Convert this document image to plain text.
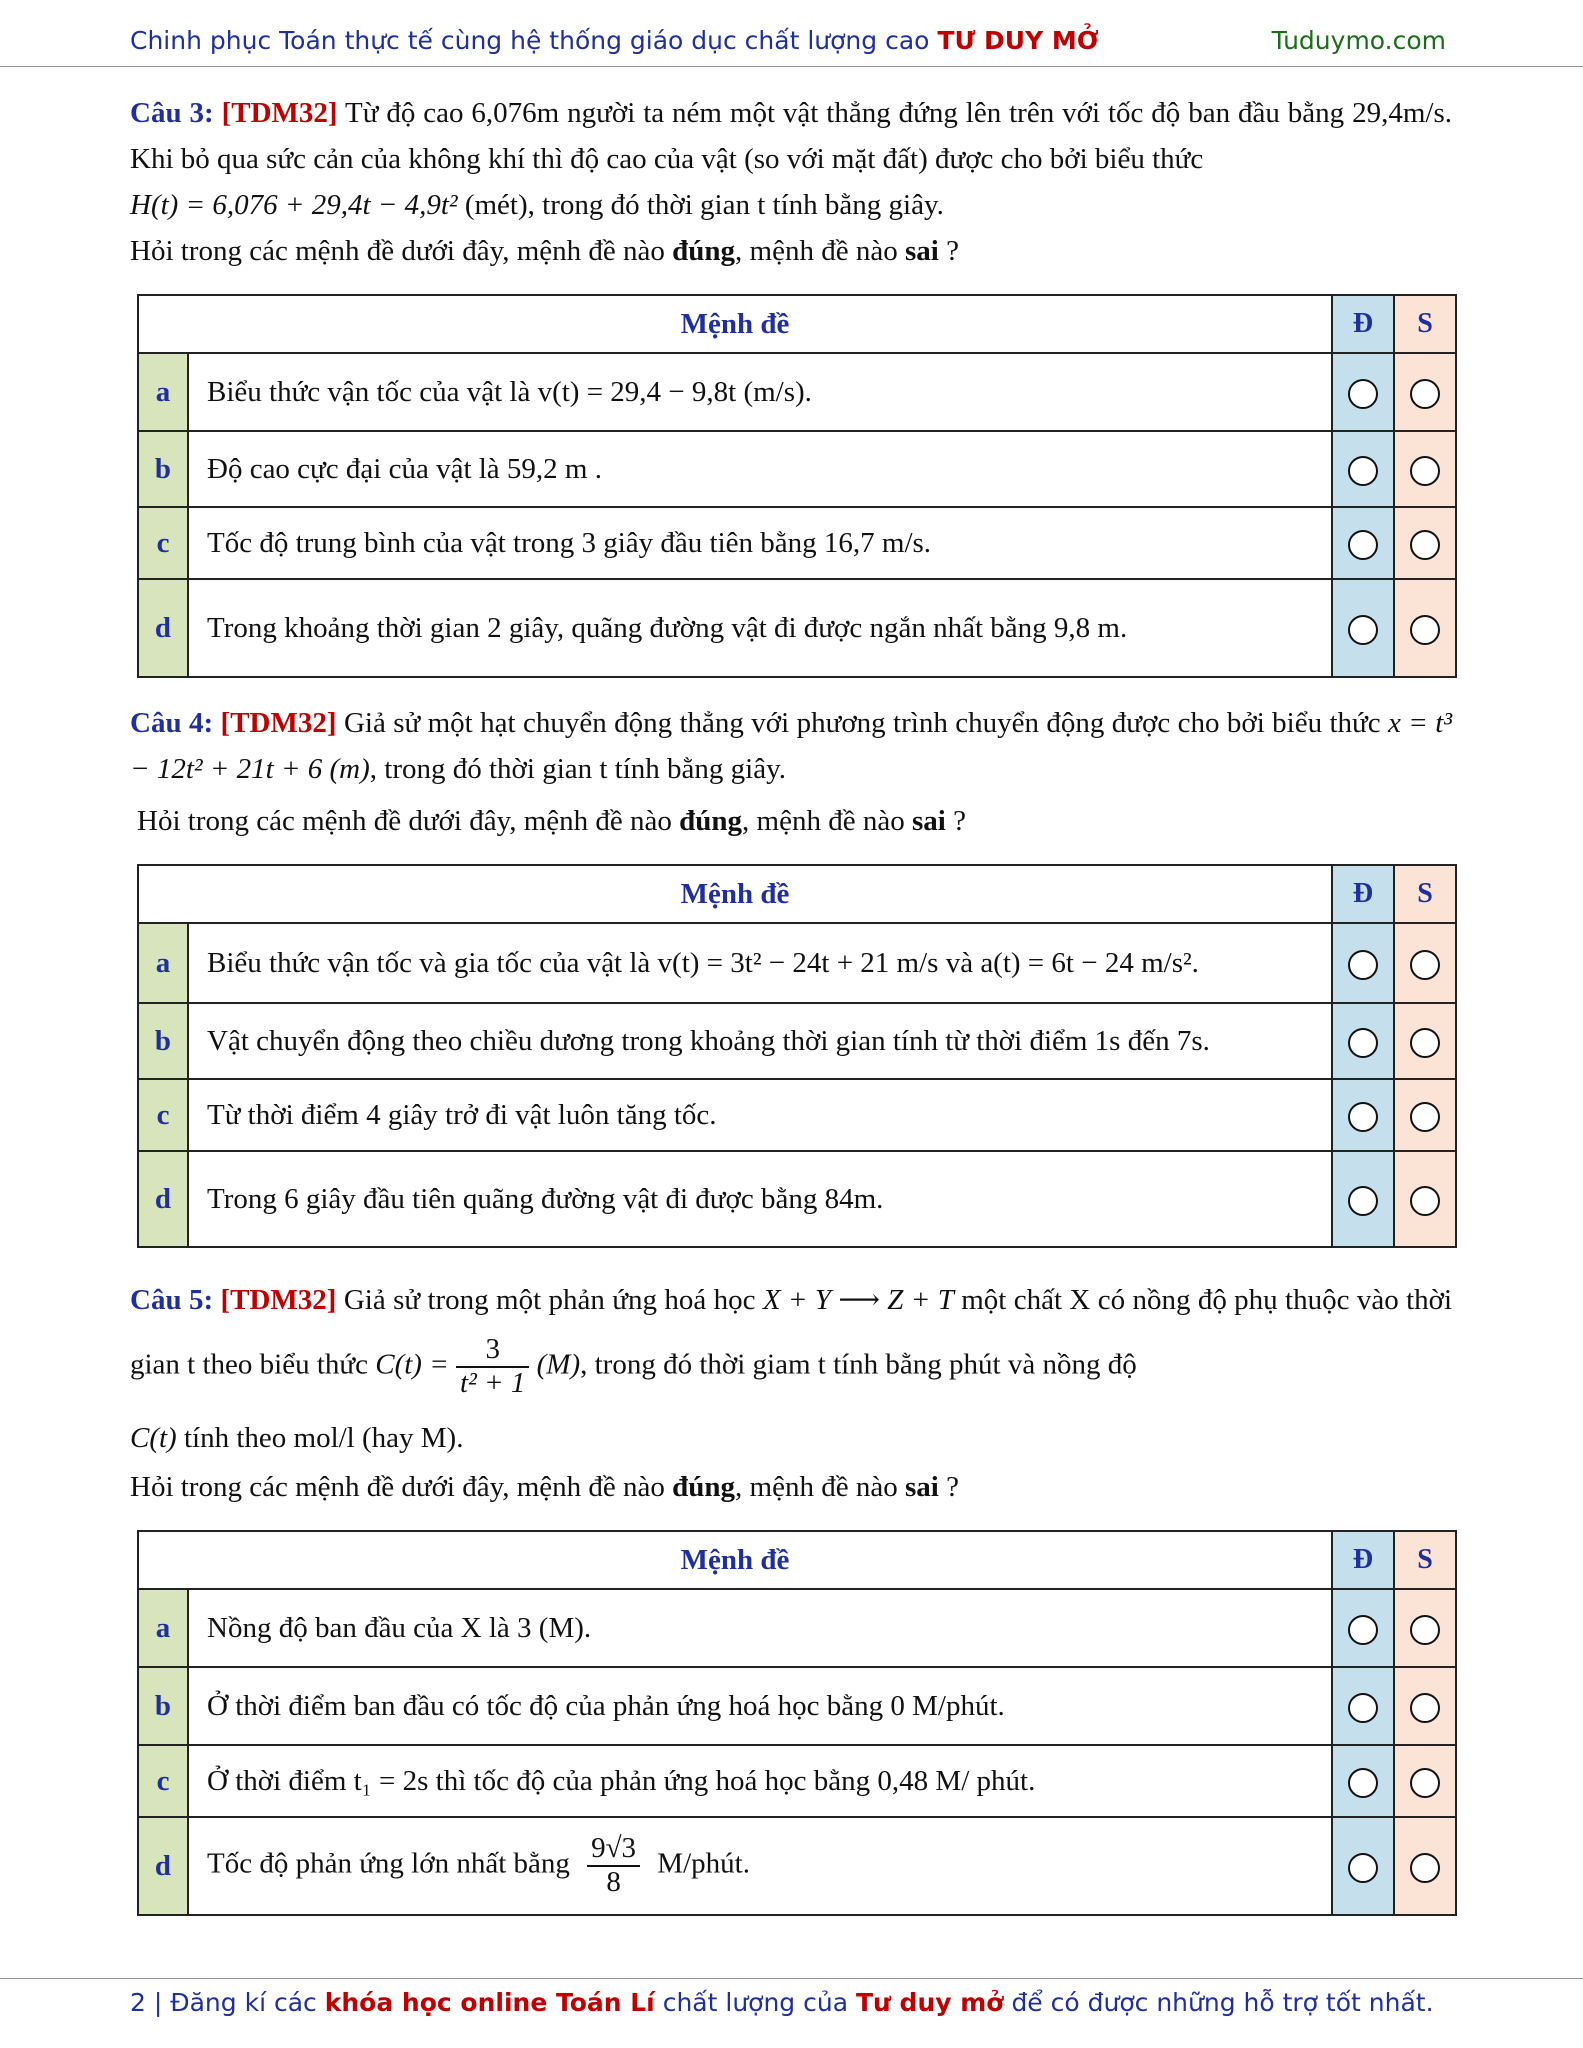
Chinh phục Toán thực tế cùng hệ thống giáo dục chất lượng cao TƯ DUY MỞ	Tuduymo.com
Câu 3: [TDM32] Từ độ cao 6,076m người ta ném một vật thẳng đứng lên trên với tốc độ ban đầu bằng 29,4m/s. Khi bỏ qua sức cản của không khí thì độ cao của vật (so với mặt đất) được cho bởi biểu thức
H(t) = 6,076 + 29,4t − 4,9t² (mét), trong đó thời gian t tính bằng giây.
Hỏi trong các mệnh đề dưới đây, mệnh đề nào đúng, mệnh đề nào sai ?
Mệnh đề		Đ	S
a	Biểu thức vận tốc của vật là v(t) = 29,4 − 9,8t (m/s).		
b	Độ cao cực đại của vật là 59,2 m .		
c	Tốc độ trung bình của vật trong 3 giây đầu tiên bằng 16,7 m/s.		
d	Trong khoảng thời gian 2 giây, quãng đường vật đi được ngắn nhất bằng 9,8 m.		
Câu 4: [TDM32] Giả sử một hạt chuyển động thẳng với phương trình chuyển động được cho bởi biểu thức x = t³ − 12t² + 21t + 6 (m), trong đó thời gian t tính bằng giây.
Hỏi trong các mệnh đề dưới đây, mệnh đề nào đúng, mệnh đề nào sai ?
Mệnh đề		Đ	S
a	Biểu thức vận tốc và gia tốc của vật là v(t) = 3t² − 24t + 21 m/s và a(t) = 6t − 24 m/s².		
b	Vật chuyển động theo chiều dương trong khoảng thời gian tính từ thời điểm 1s đến 7s.		
c	Từ thời điểm 4 giây trở đi vật luôn tăng tốc.		
d	Trong 6 giây đầu tiên quãng đường vật đi được bằng 84m.		
Câu 5: [TDM32] Giả sử trong một phản ứng hoá học X + Y ⟶ Z + T một chất X có nồng độ phụ thuộc vào thời gian t theo biểu thức $C(t) = \frac{3}{\text{t² + 1}} (M)$, trong đó thời giam t tính bằng phút và nồng độ
C(t) tính theo mol/l (hay M).
Hỏi trong các mệnh đề dưới đây, mệnh đề nào đúng, mệnh đề nào sai ?
Mệnh đề		Đ	S
a	Nồng độ ban đầu của X là 3 (M).		
b	Ở thời điểm ban đầu có tốc độ của phản ứng hoá học bằng 0 M/phút.		
c	Ở thời điểm t₁ = 2s thì tốc độ của phản ứng hoá học bằng 0,48 M/ phút.		
d	Tốc độ phản ứng lớn nhất bằng $\frac{9√3}{8}$ M/phút.		
2 | Đăng kí các khóa học online Toán Lí chất lượng của Tư duy mở để có được những hỗ trợ tốt nhất.
